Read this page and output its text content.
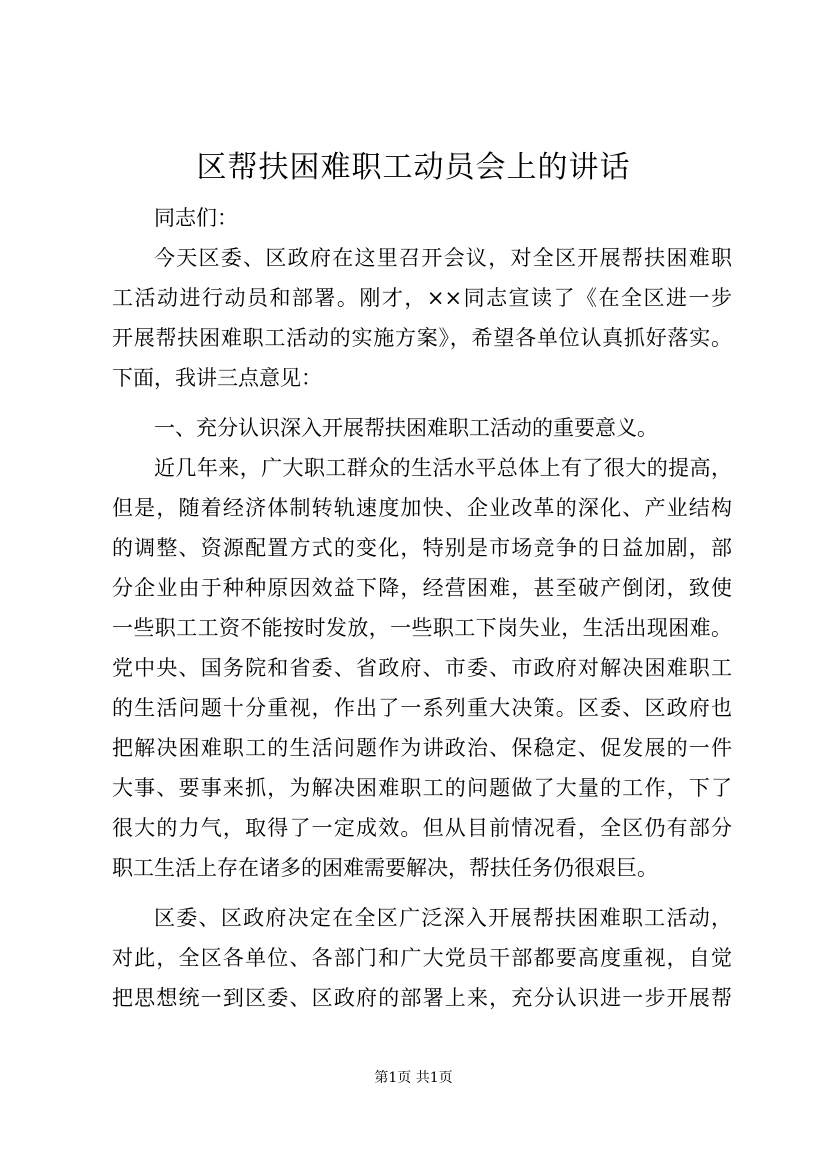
区帮扶困难职工动员会上的讲话
同志们：
今天区委、区政府在这里召开会议，对全区开展帮扶困难职
工活动进行动员和部署。刚才，××同志宣读了《在全区进一步
开展帮扶困难职工活动的实施方案》，希望各单位认真抓好落实。
下面，我讲三点意见：
一、充分认识深入开展帮扶困难职工活动的重要意义。
近几年来，广大职工群众的生活水平总体上有了很大的提高，
但是，随着经济体制转轨速度加快、企业改革的深化、产业结构
的调整、资源配置方式的变化，特别是市场竞争的日益加剧，部
分企业由于种种原因效益下降，经营困难，甚至破产倒闭，致使
一些职工工资不能按时发放，一些职工下岗失业，生活出现困难。
党中央、国务院和省委、省政府、市委、市政府对解决困难职工
的生活问题十分重视，作出了一系列重大决策。区委、区政府也
把解决困难职工的生活问题作为讲政治、保稳定、促发展的一件
大事、要事来抓，为解决困难职工的问题做了大量的工作，下了
很大的力气，取得了一定成效。但从目前情况看，全区仍有部分
职工生活上存在诸多的困难需要解决，帮扶任务仍很艰巨。
区委、区政府决定在全区广泛深入开展帮扶困难职工活动，
对此，全区各单位、各部门和广大党员干部都要高度重视，自觉
把思想统一到区委、区政府的部署上来，充分认识进一步开展帮
第1页 共1页
